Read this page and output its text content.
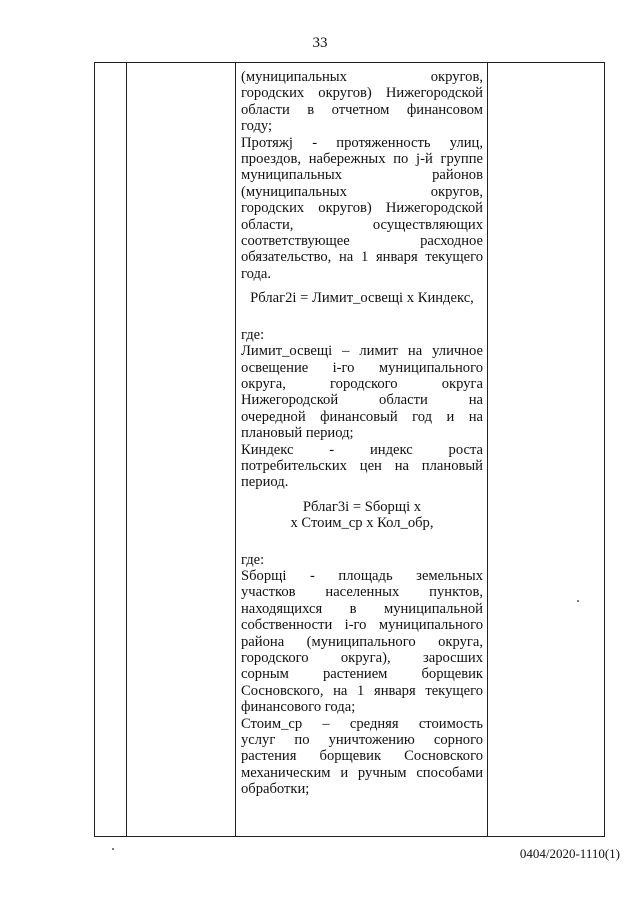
33
(муниципальных округов,
городских округов) Нижегородской
области в отчетном финансовом
году;
Протяжj - протяженность улиц,
проездов, набережных по j-й группе
муниципальных районов
(муниципальных округов,
городских округов) Нижегородской
области, осуществляющих
соответствующее расходное
обязательство, на 1 января текущего
года.
Рблаг2i = Лимит_освещi х Киндекс,
где:
Лимит_освещi – лимит на уличное
освещение i-го муниципального
округа, городского округа
Нижегородской области на
очередной финансовый год и на
плановый период;
Киндекс - индекс роста
потребительских цен на плановый
период.
Рблаг3i = Sборщi х
х Стоим_ср х Кол_обр,
где:
Sборщi - площадь земельных
участков населенных пунктов,
находящихся в муниципальной
собственности i-го муниципального
района (муниципального округа,
городского округа), заросших
сорным растением борщевик
Сосновского, на 1 января текущего
финансового года;
Стоим_ср – средняя стоимость
услуг по уничтожению сорного
растения борщевик Сосновского
механическим и ручным способами
обработки;
0404/2020-1110(1)
